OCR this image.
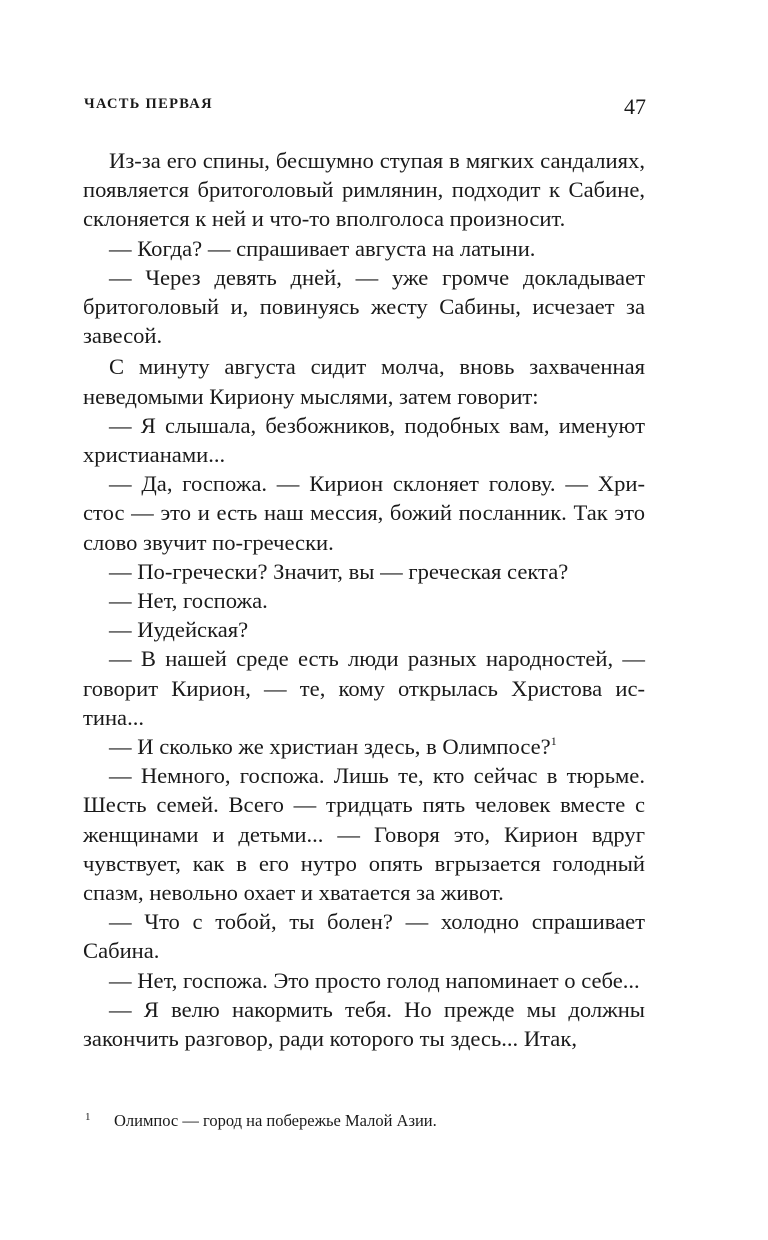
ЧАСТЬ ПЕРВАЯ	47

Из-за его спины, бесшумно ступая в мягких сандалиях, появляется бритоголовый римлянин, подходит к Сабине, склоняется к ней и что-то вполголоса произносит.

— Когда? — спрашивает августа на латыни.

— Через девять дней, — уже громче докладывает бритоголовый и, повинуясь жесту Сабины, исчезает за завесой.

С минуту августа сидит молча, вновь захваченная неведомыми Кириону мыслями, затем говорит:

— Я слышала, безбожников, подобных вам, именуют христианами...

— Да, госпожа. — Кирион склоняет голову. — Христос — это и есть наш мессия, божий посланник. Так это слово звучит по-гречески.

— По-гречески? Значит, вы — греческая секта?

— Нет, госпожа.

— Иудейская?

— В нашей среде есть люди разных народностей, — говорит Кирион, — те, кому открылась Христова истина...

— И сколько же христиан здесь, в Олимпосе?$^1$

— Немного, госпожа. Лишь те, кто сейчас в тюрьме. Шесть семей. Всего — тридцать пять человек вместе с женщинами и детьми... — Говоря это, Кирион вдруг чувствует, как в его нутро опять вгрызается голодный спазм, невольно охает и хватается за живот.

— Что с тобой, ты болен? — холодно спрашивает Сабина.

— Нет, госпожа. Это просто голод напоминает о себе...

— Я велю накормить тебя. Но прежде мы должны закончить разговор, ради которого ты здесь... Итак,

1 Олимпос — город на побережье Малой Азии.
